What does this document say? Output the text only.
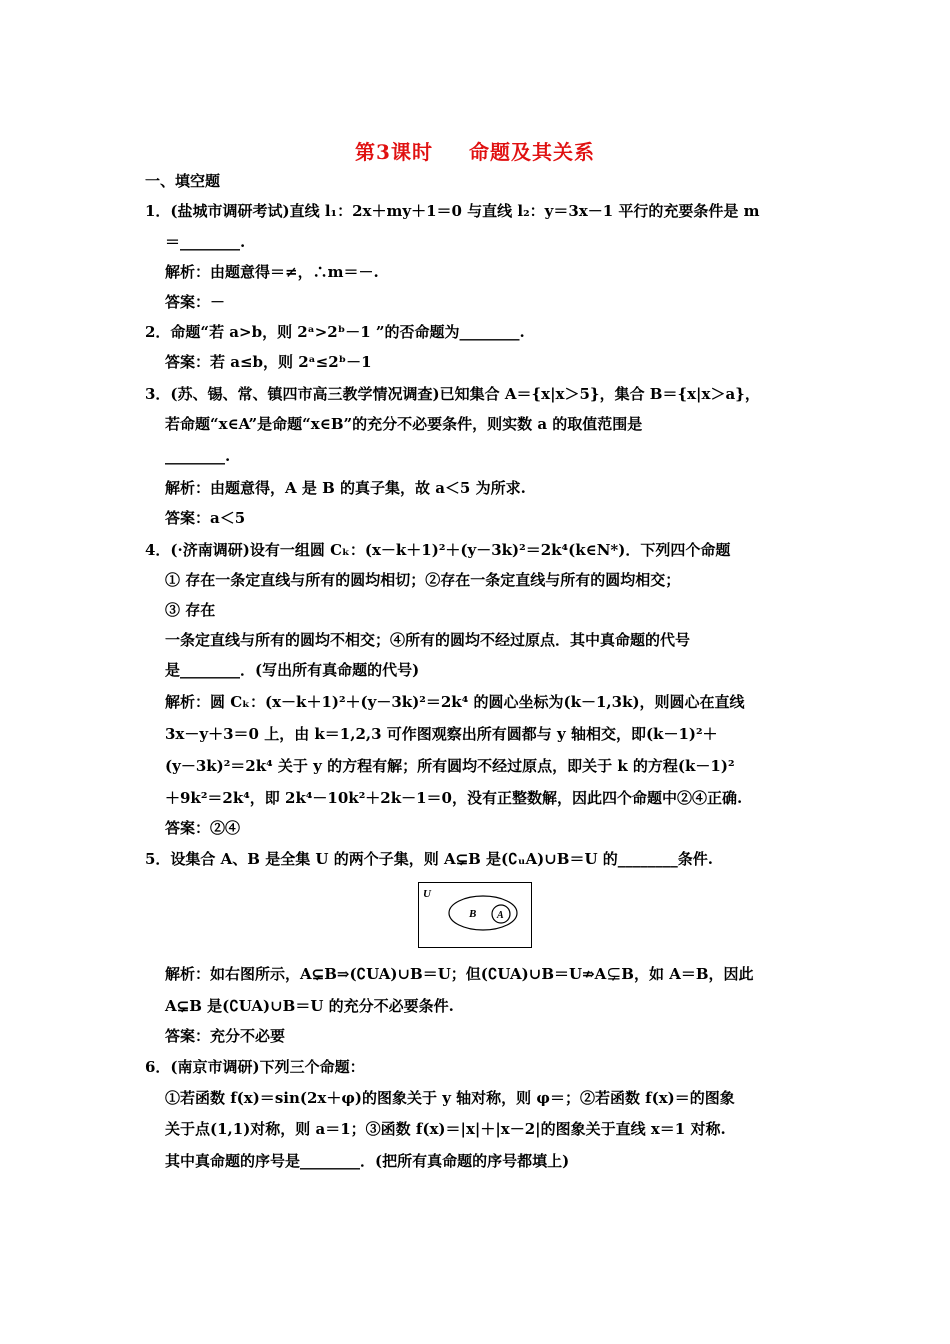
第3课时 命题及其关系
一、填空题
1．(盐城市调研考试)直线 l₁：2x＋my＋1＝0 与直线 l₂：y＝3x－1 平行的充要条件是 m
＝________.
解析：由题意得＝≠，∴m＝－.
答案：－
2．命题“若 a>b，则 2ᵃ>2ᵇ－1 ”的否命题为________.
答案：若 a≤b，则 2ᵃ≤2ᵇ－1
3．(苏、锡、常、镇四市高三教学情况调查)已知集合 A＝{x|x＞5}，集合 B＝{x|x＞a}，
若命题“x∈A”是命题“x∈B”的充分不必要条件，则实数 a 的取值范围是
________.
解析：由题意得，A 是 B 的真子集，故 a＜5 为所求.
答案：a＜5
4．(·济南调研)设有一组圆 Cₖ：(x－k＋1)²＋(y－3k)²＝2k⁴(k∈N*)．下列四个命题
① 存在一条定直线与所有的圆均相切；②存在一条定直线与所有的圆均相交；
③ 存在
一条定直线与所有的圆均不相交；④所有的圆均不经过原点．其中真命题的代号
是________．(写出所有真命题的代号)
解析：圆 Cₖ：(x－k＋1)²＋(y－3k)²＝2k⁴ 的圆心坐标为(k－1,3k)，则圆心在直线
3x－y＋3＝0 上，由 k＝1,2,3 可作图观察出所有圆都与 y 轴相交，即(k－1)²＋
(y－3k)²＝2k⁴ 关于 y 的方程有解；所有圆均不经过原点，即关于 k 的方程(k－1)²
＋9k²＝2k⁴，即 2k⁴－10k²＋2k－1＝0，没有正整数解，因此四个命题中②④正确.
答案：②④
5．设集合 A、B 是全集 U 的两个子集，则 A⊊B 是(∁ᵤA)∪B＝U 的________条件.
U
B A
解析：如右图所示，A⊊B⇒(∁UA)∪B＝U；但(∁UA)∪B＝U⇏A⊊B，如 A＝B，因此
A⊊B 是(∁UA)∪B＝U 的充分不必要条件.
答案：充分不必要
6．(南京市调研)下列三个命题：
①若函数 f(x)＝sin(2x＋φ)的图象关于 y 轴对称，则 φ＝；②若函数 f(x)＝的图象
关于点(1,1)对称，则 a＝1；③函数 f(x)＝|x|＋|x－2|的图象关于直线 x＝1 对称.
其中真命题的序号是________．(把所有真命题的序号都填上)
